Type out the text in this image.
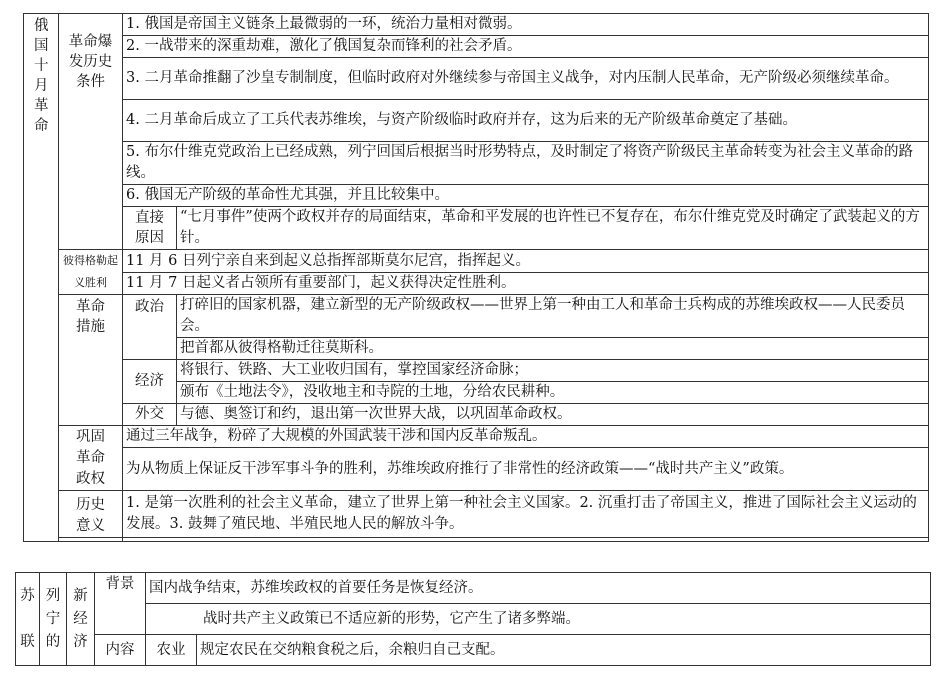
俄国十月革命	革命爆发历史条件	1. 俄国是帝国主义链条上最微弱的一环，统治力量相对微弱。	
		2. 一战带来的深重劫难，激化了俄国复杂而锋利的社会矛盾。	
		3. 二月革命推翻了沙皇专制制度，但临时政府对外继续参与帝国主义战争，对内压制人民革命，无产阶级必须继续革命。	
		4. 二月革命后成立了工兵代表苏维埃，与资产阶级临时政府并存，这为后来的无产阶级革命奠定了基础。	
		5. 布尔什维克党政治上已经成熟，列宁回国后根据当时形势特点，及时制定了将资产阶级民主革命转变为社会主义革命的路线。	
		6. 俄国无产阶级的革命性尤其强，并且比较集中。	
		直接原因	“七月事件”使两个政权并存的局面结束，革命和平发展的也许性已不复存在，布尔什维克党及时确定了武装起义的方针。
	彼得格勒起义胜利	11 月 6 日列宁亲自来到起义总指挥部斯莫尔尼宫，指挥起义。
11 月 7 日起义者占领所有重要部门，起义获得决定性胜利。	

	革命措施	政治	打碎旧的国家机器，建立新型的无产阶级政权——世界上第一种由工人和革命士兵构成的苏维埃政权——人民委员会。
			把首都从彼得格勒迁往莫斯科。
		经济	将银行、铁路、大工业收归国有，掌控国家经济命脉；
			颁布《土地法令》，没收地主和寺院的土地，分给农民耕种。
		外交	与德、奥签订和约，退出第一次世界大战，以巩固革命政权。
	巩固革命政权	通过三年战争，粉碎了大规模的外国武装干涉和国内反革命叛乱。	
		为从物质上保证反干涉军事斗争的胜利，苏维埃政府推行了非常性的经济政策——“战时共产主义”政策。	
	历史意义	1. 是第一次胜利的社会主义革命，建立了世界上第一种社会主义国家。2. 沉重打击了帝国主义，推进了国际社会主义运动的发展。3. 鼓舞了殖民地、半殖民地人民的解放斗争。	

苏联	列宁的	新经济	背景	国内战争结束，苏维埃政权的首要任务是恢复经济。	
				战时共产主义政策已不适应新的形势，它产生了诸多弊端。	
			内容	农业	规定农民在交纳粮食税之后，余粮归自己支配。
